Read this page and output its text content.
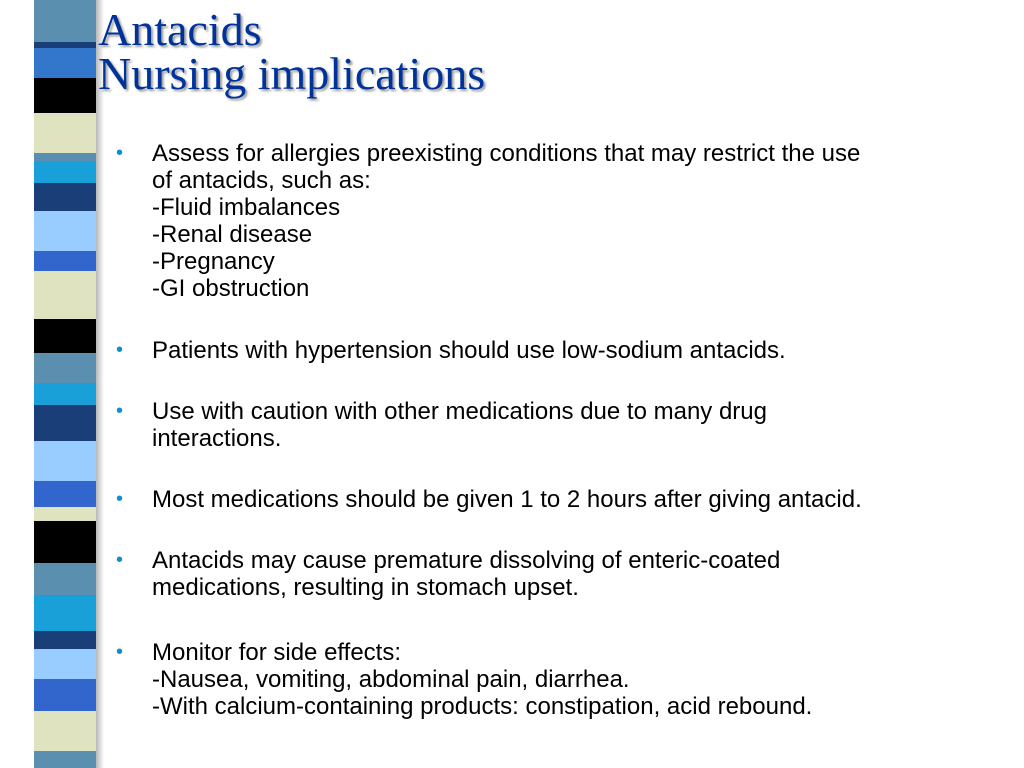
Antacids
Nursing implications
• Assess for allergies preexisting conditions that may restrict the use
of antacids, such as:
-Fluid imbalances
-Renal disease
-Pregnancy
-GI obstruction
• Patients with hypertension should use low-sodium antacids.
• Use with caution with other medications due to many drug
interactions.
• Most medications should be given 1 to 2 hours after giving antacid.
• Antacids may cause premature dissolving of enteric-coated
medications, resulting in stomach upset.
• Monitor for side effects:
-Nausea, vomiting, abdominal pain, diarrhea.
-With calcium-containing products: constipation, acid rebound.
